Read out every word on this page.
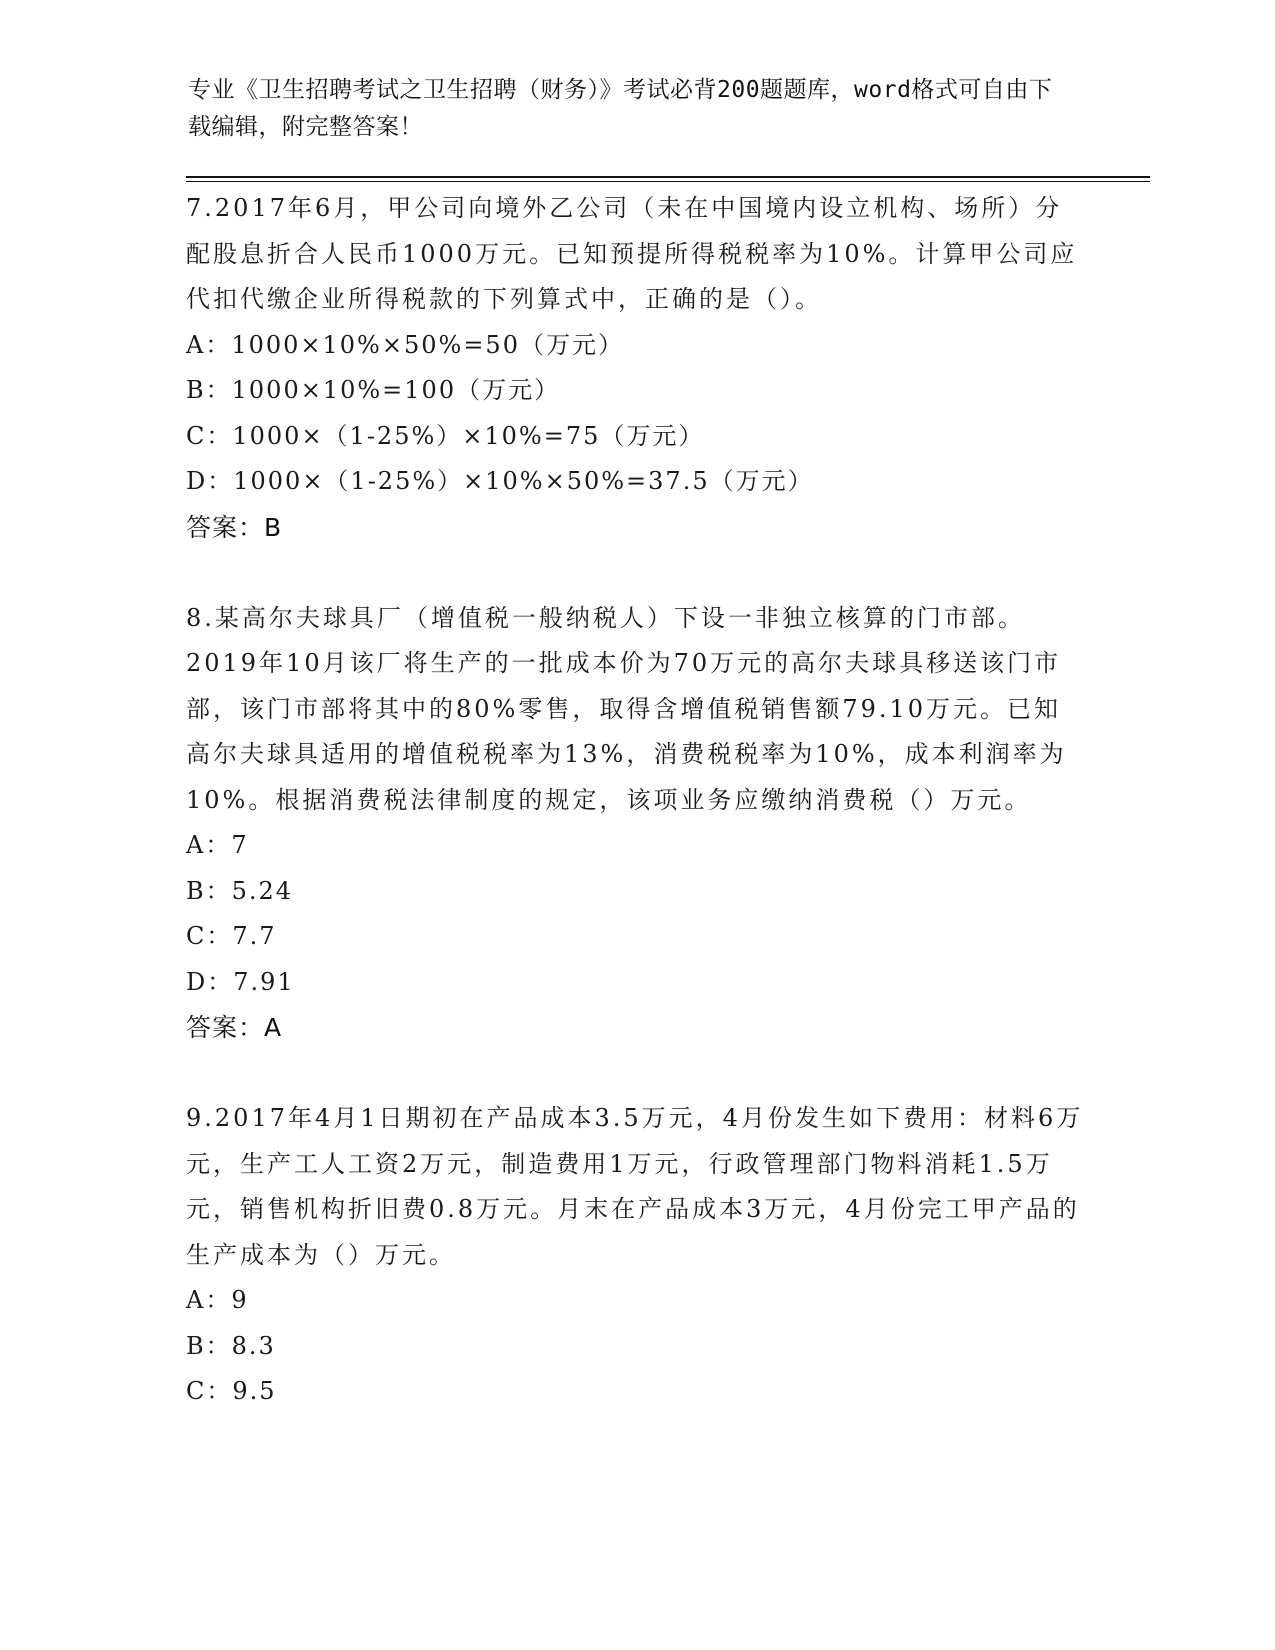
专业《卫生招聘考试之卫生招聘（财务）》考试必背200题题库，word格式可自由下载编辑，附完整答案！

7.2017年6月，甲公司向境外乙公司（未在中国境内设立机构、场所）分配股息折合人民币1000万元。已知预提所得税税率为10%。计算甲公司应代扣代缴企业所得税款的下列算式中，正确的是（）。

A：1000×10%×50%=50（万元）

B：1000×10%=100（万元）

C：1000×（1-25%）×10%=75（万元）

D：1000×（1-25%）×10%×50%=37.5（万元）

答案：B

8.某高尔夫球具厂（增值税一般纳税人）下设一非独立核算的门市部。2019年10月该厂将生产的一批成本价为70万元的高尔夫球具移送该门市部，该门市部将其中的80%零售，取得含增值税销售额79.10万元。已知高尔夫球具适用的增值税税率为13%，消费税税率为10%，成本利润率为10%。根据消费税法律制度的规定，该项业务应缴纳消费税（）万元。

A：7

B：5.24

C：7.7

D：7.91

答案：A

9.2017年4月1日期初在产品成本3.5万元，4月份发生如下费用：材料6万元，生产工人工资2万元，制造费用1万元，行政管理部门物料消耗1.5万元，销售机构折旧费0.8万元。月末在产品成本3万元，4月份完工甲产品的生产成本为（）万元。

A：9

B：8.3

C：9.5
